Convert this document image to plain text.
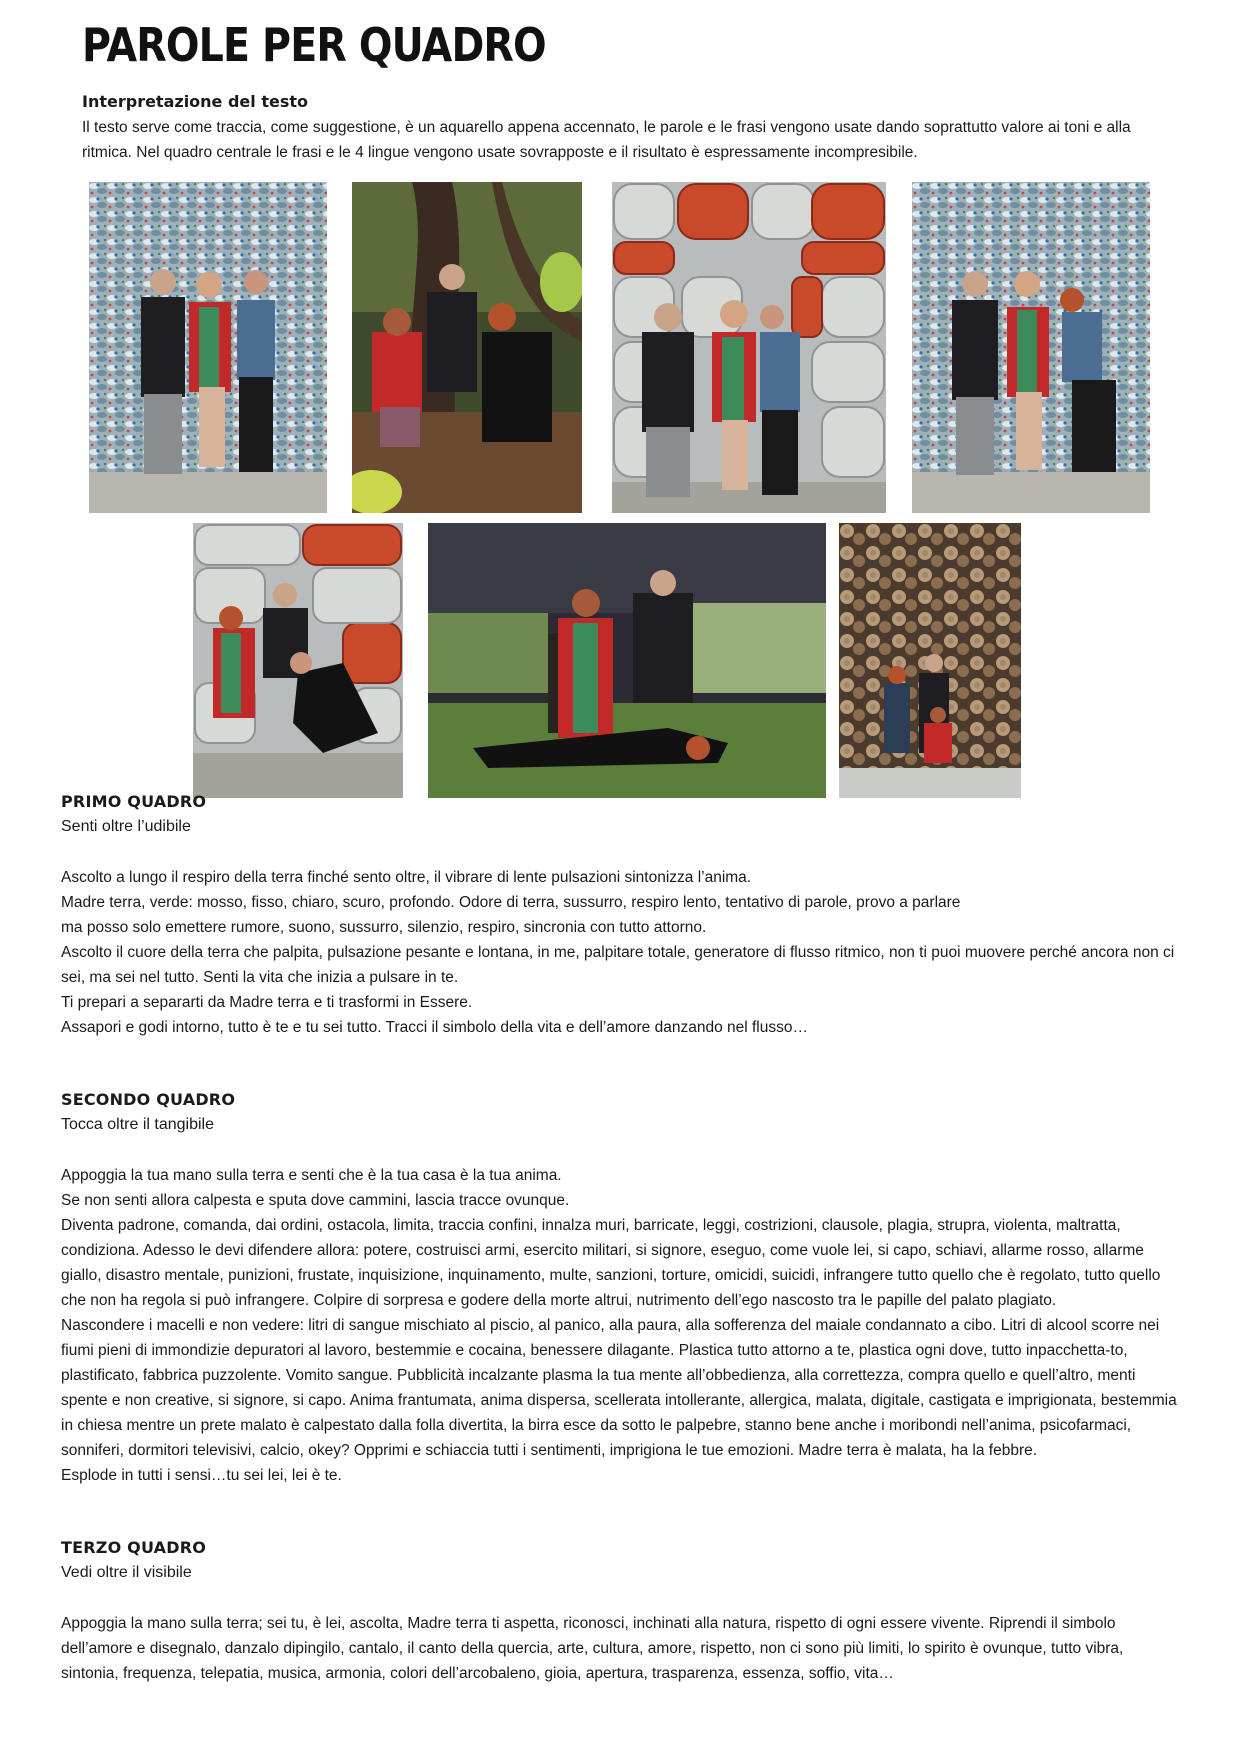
PAROLE PER QUADRO
Interpretazione del testo

Il testo serve come traccia, come suggestione, è un aquarello appena accennato, le parole e le frasi vengono usate dando soprattutto valore ai toni e alla ritmica. Nel quadro centrale le frasi e le 4 lingue vengono usate sovrapposte e il risultato è espressamente incompresibile.

PRIMO QUADRO

Senti oltre l’udibile

Ascolto a lungo il respiro della terra finché sento oltre, il vibrare di lente pulsazioni sintonizza l’anima.

Madre terra, verde: mosso, fisso, chiaro, scuro, profondo. Odore di terra, sussurro, respiro lento, tentativo di parole, provo a parlare

ma posso solo emettere rumore, suono, sussurro, silenzio, respiro, sincronia con tutto attorno.

Ascolto il cuore della terra che palpita, pulsazione pesante e lontana, in me, palpitare totale, generatore di flusso ritmico, non ti puoi muovere perché ancora non ci sei, ma sei nel tutto. Senti la vita che inizia a pulsare in te.

Ti prepari a separarti da Madre terra e ti trasformi in Essere.

Assapori e godi intorno, tutto è te e tu sei tutto. Tracci il simbolo della vita e dell’amore danzando nel flusso…

SECONDO QUADRO

Tocca oltre il tangibile

Appoggia la tua mano sulla terra e senti che è la tua casa è la tua anima.

Se non senti allora calpesta e sputa dove cammini, lascia tracce ovunque.

Diventa padrone, comanda, dai ordini, ostacola, limita, traccia confini, innalza muri, barricate, leggi, costrizioni, clausole, plagia, strupra, violenta, maltratta, condiziona. Adesso le devi difendere allora: potere, costruisci armi, esercito militari, si signore, eseguo, come vuole lei, si capo, schiavi, allarme rosso, allarme giallo, disastro mentale, punizioni, frustate, inquisizione, inquinamento, multe, sanzioni, torture, omicidi, suicidi, infrangere tutto quello che è regolato, tutto quello che non ha regola si può infrangere. Colpire di sorpresa e godere della morte altrui, nutrimento dell’ego nascosto tra le papille del palato plagiato.

Nascondere i macelli e non vedere: litri di sangue mischiato al piscio, al panico, alla paura, alla sofferenza del maiale condannato a cibo. Litri di alcool scorre nei fiumi pieni di immondizie depuratori al lavoro, bestemmie e cocaina, benessere dilagante. Plastica tutto attorno a te, plastica ogni dove, tutto inpacchetta-to, plastificato, fabbrica puzzolente. Vomito sangue. Pubblicità incalzante plasma la tua mente all’obbedienza, alla correttezza, compra quello e quell’altro, menti spente e non creative, si signore, si capo. Anima frantumata, anima dispersa, scellerata intollerante, allergica, malata, digitale, castigata e imprigionata, bestemmia in chiesa mentre un prete malato è calpestato dalla folla divertita, la birra esce da sotto le palpebre, stanno bene anche i moribondi nell’anima, psicofarmaci, sonniferi, dormitori televisivi, calcio, okey? Opprimi e schiaccia tutti i sentimenti, imprigiona le tue emozioni. Madre terra è malata, ha la febbre.

Esplode in tutti i sensi…tu sei lei, lei è te.

TERZO QUADRO

Vedi oltre il visibile

Appoggia la mano sulla terra; sei tu, è lei, ascolta, Madre terra ti aspetta, riconosci, inchinati alla natura, rispetto di ogni essere vivente. Riprendi il simbolo dell’amore e disegnalo, danzalo dipingilo, cantalo, il canto della quercia, arte, cultura, amore, rispetto, non ci sono più limiti, lo spirito è ovunque, tutto vibra, sintonia, frequenza, telepatia, musica, armonia, colori dell’arcobaleno, gioia, apertura, trasparenza, essenza, soffio, vita…
